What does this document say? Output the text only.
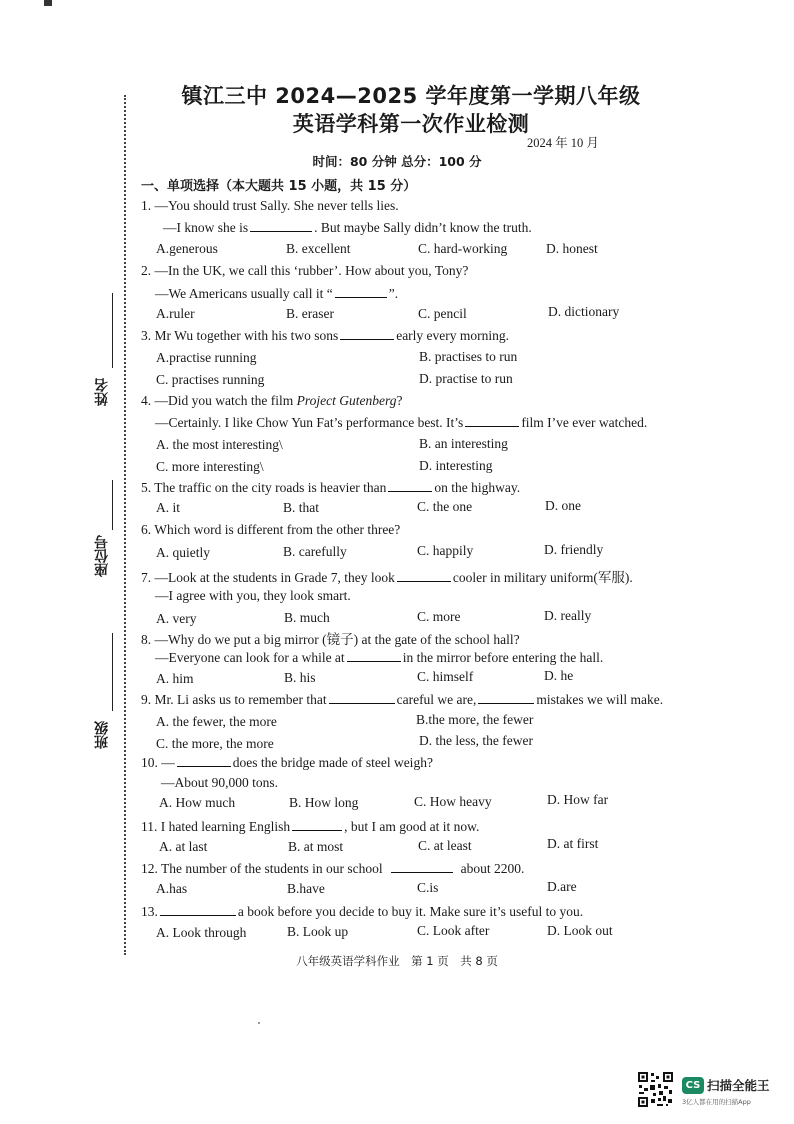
姓名
座位号
班级
镇江三中 2024—2025 学年度第一学期八年级
英语学科第一次作业检测
2024 年 10 月
时间：80 分钟 总分：100 分
一、单项选择（本大题共 15 小题，共 15 分）
1. —You should trust Sally. She never tells lies.
—I know she is	. But maybe Sally didn’t know the truth.
A.generous	B. excellent	C. hard-working	D. honest
2. —In the UK, we call this ‘rubber’. How about you, Tony?
—We Americans usually call it “	”.
A.ruler	B. eraser	C. pencil	D. dictionary
3. Mr Wu together with his two sons	early every morning.
A.practise running	B. practises to run
C. practises running	D. practise to run
4. —Did you watch the film Project Gutenberg?
—Certainly. I like Chow Yun Fat’s performance best. It’s	film I’ve ever watched.
A. the most interesting\	B. an interesting
C. more interesting\	D. interesting
5. The traffic on the city roads is heavier than	on the highway.
A. it	B. that	C. the one	D. one
6. Which word is different from the other three?
A. quietly	B. carefully	C. happily	D. friendly
7. —Look at the students in Grade 7, they look	cooler in military uniform(军服).
—I agree with you, they look smart.
A. very	B. much	C. more	D. really
8. —Why do we put a big mirror (镜子) at the gate of the school hall?
—Everyone can look for a while at	in the mirror before entering the hall.
A. him	B. his	C. himself	D. he
9. Mr. Li asks us to remember that	careful we are,	mistakes we will make.
A. the fewer, the more	B.the more, the fewer
C. the more, the more	D. the less, the fewer
10. —	does the bridge made of steel weigh?
—About 90,000 tons.
A. How much	B. How long	C. How heavy	D. How far
11. I hated learning English	, but I am good at it now.
A. at last	B. at most	C. at least	D. at first
12. The number of the students in our school	about 2200.
A.has	B.have	C.is	D.are
13.	a book before you decide to buy it. Make sure it’s useful to you.
A. Look through	B. Look up	C. Look after	D. Look out
八年级英语学科作业　第 1 页　共 8 页
CS 扫描全能王
3亿人都在用的扫描App
